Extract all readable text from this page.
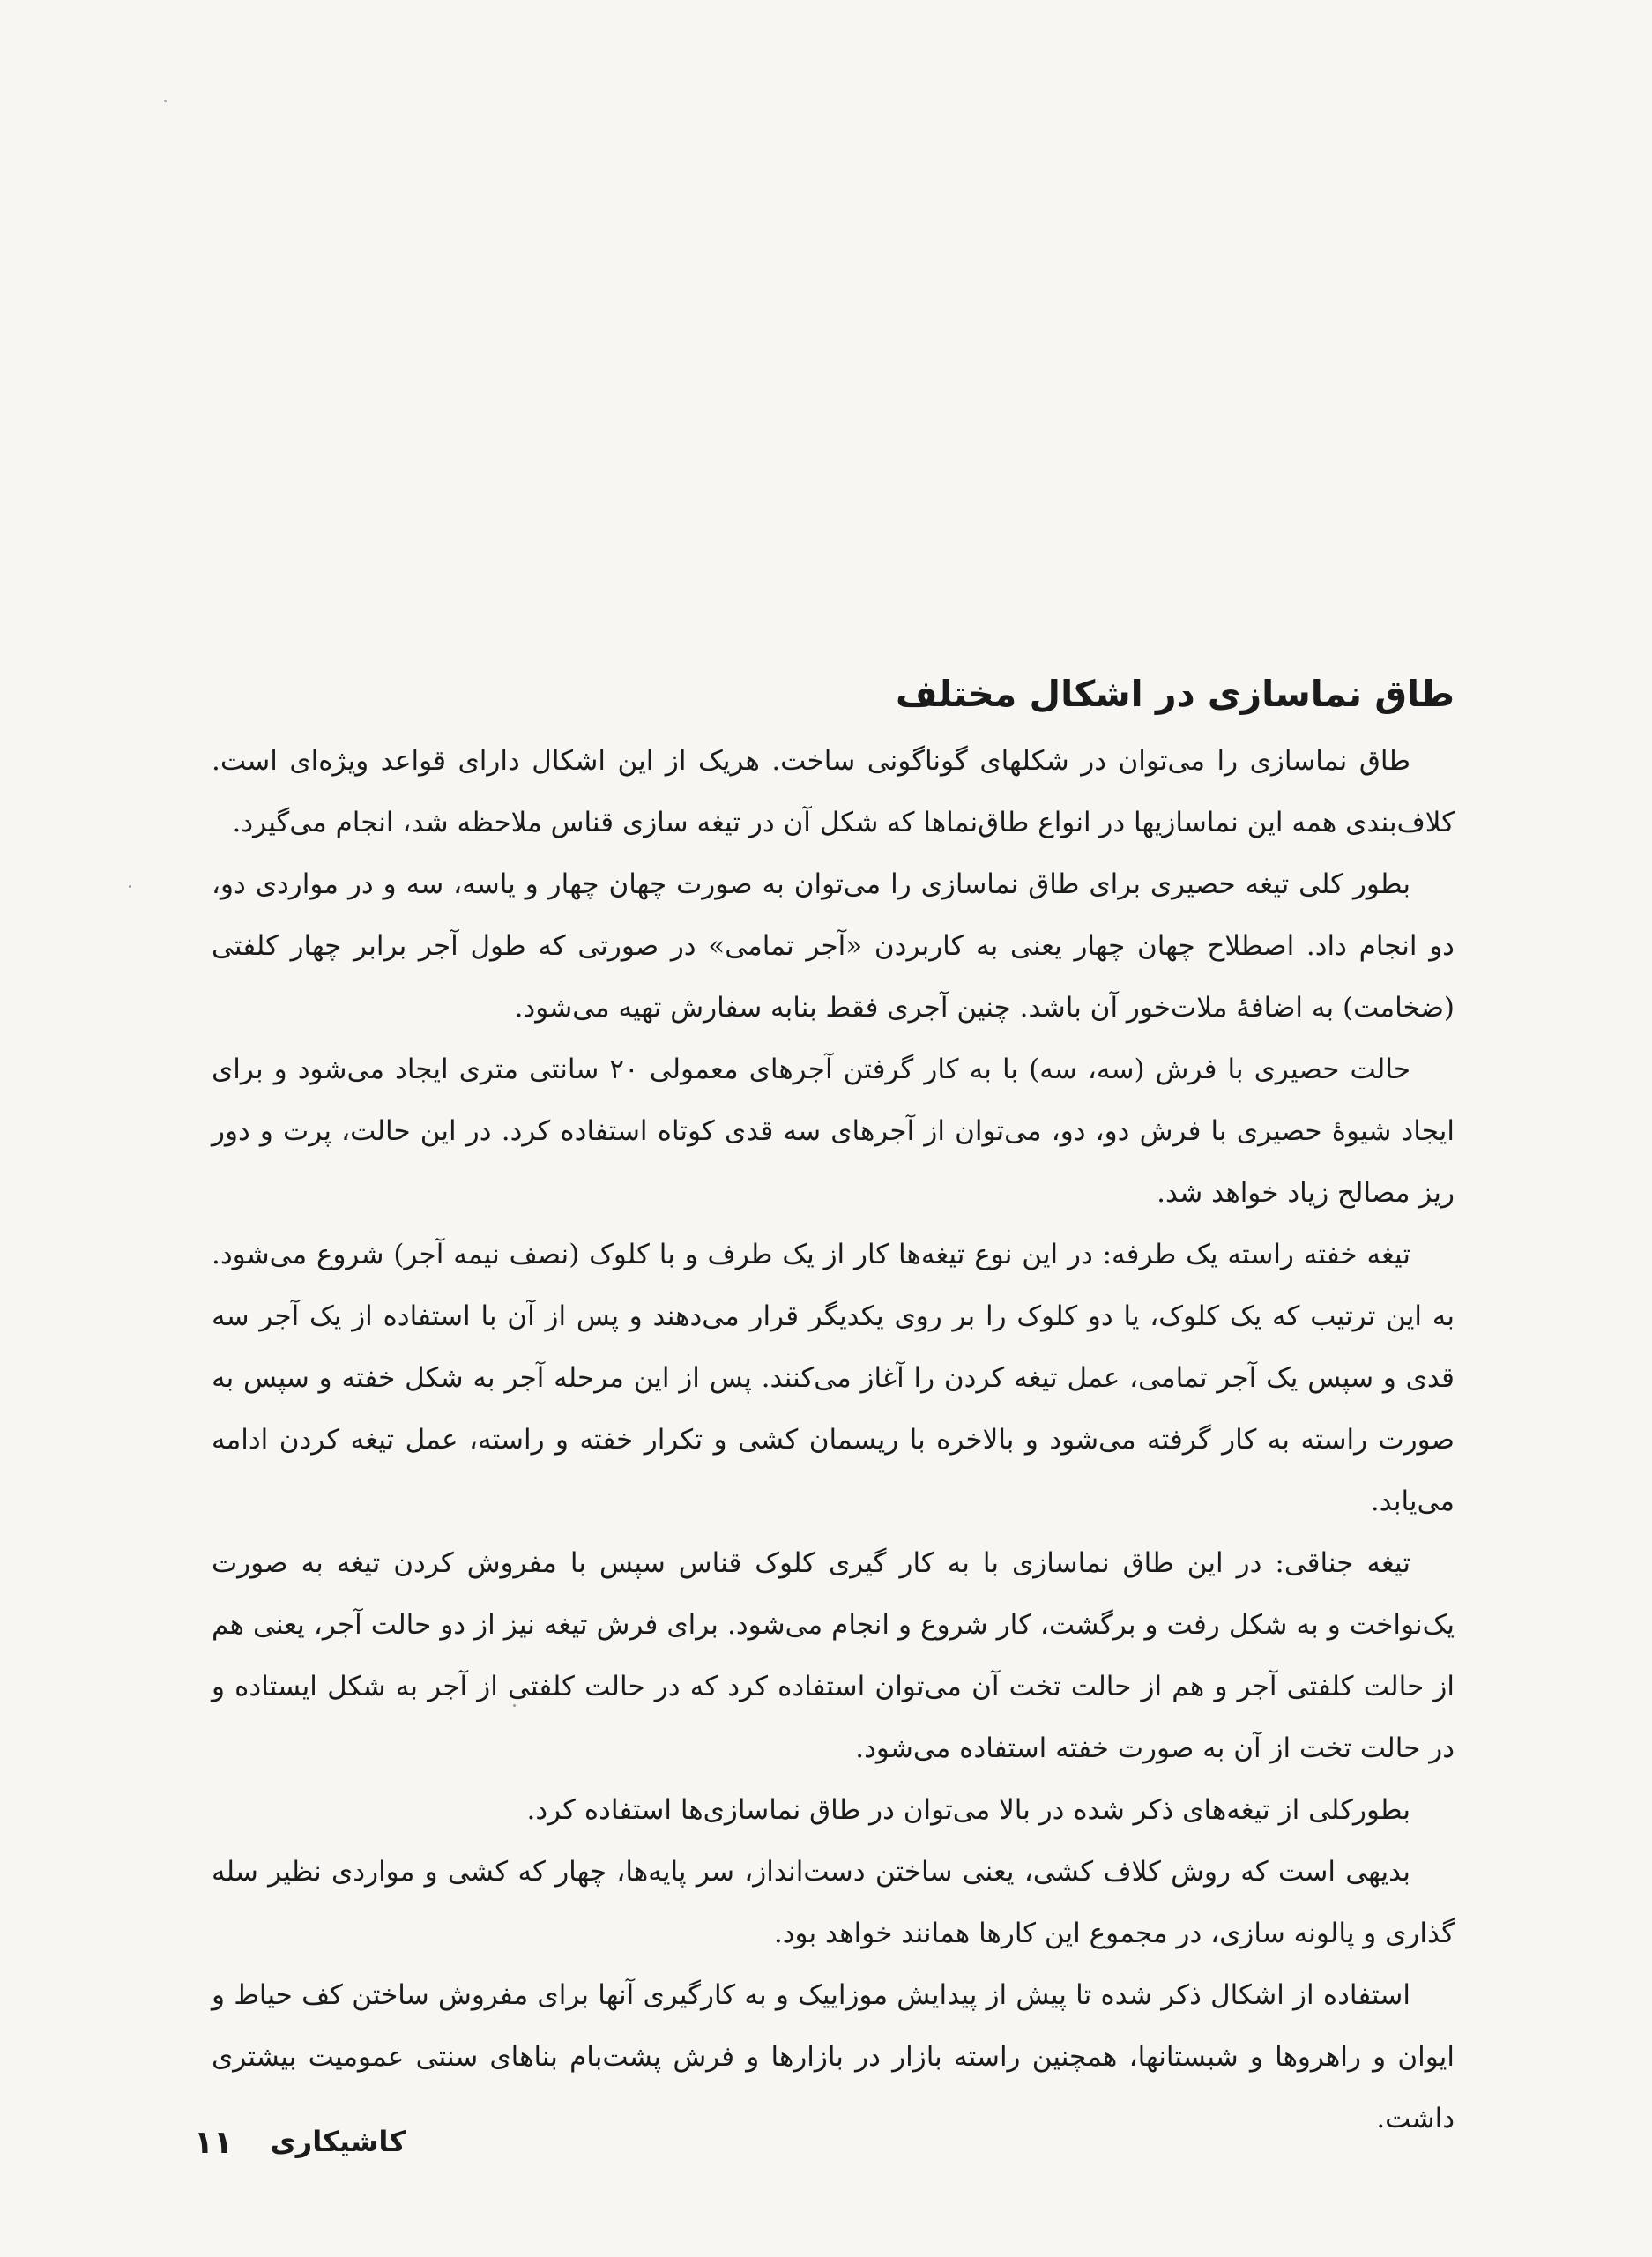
طاق نماسازی در اشکال مختلف

طاق نماسازی را می‌توان در شکلهای گوناگونی ساخت. هریک از این اشکال دارای قواعد ویژه‌ای است. کلاف‌بندی همه این نماسازیها در انواع طاق‌نماها که شکل آن در تیغه سازی قناس ملاحظه شد، انجام می‌گیرد.

بطور کلی تیغه حصیری برای طاق نماسازی را می‌توان به صورت چهان چهار و یاسه، سه و در مواردی دو، دو انجام داد. اصطلاح چهان چهار یعنی به کاربردن «آجر تمامی» در صورتی که طول آجر برابر چهار کلفتی (ضخامت) به اضافهٔ ملات‌خور آن باشد. چنین آجری فقط بنابه سفارش تهیه می‌شود.

حالت حصیری با فرش (سه، سه) با به کار گرفتن آجرهای معمولی ۲۰ سانتی متری ایجاد می‌شود و برای ایجاد شیوهٔ حصیری با فرش دو، دو، می‌توان از آجرهای سه قدی کوتاه استفاده کرد. در این حالت، پرت و دور ریز مصالح زیاد خواهد شد.

تیغه خفته راسته یک طرفه: در این نوع تیغه‌ها کار از یک طرف و با کلوک (نصف نیمه آجر) شروع می‌شود. به این ترتیب که یک کلوک، یا دو کلوک را بر روی یکدیگر قرار می‌دهند و پس از آن با استفاده از یک آجر سه قدی و سپس یک آجر تمامی، عمل تیغه کردن را آغاز می‌کنند. پس از این مرحله آجر به شکل خفته و سپس به صورت راسته به کار گرفته می‌شود و بالاخره با ریسمان کشی و تکرار خفته و راسته، عمل تیغه کردن ادامه می‌یابد.

تیغه جناقی: در این طاق نماسازی با به کار گیری کلوک قناس سپس با مفروش کردن تیغه به صورت یک‌نواخت و به شکل رفت و برگشت، کار شروع و انجام می‌شود. برای فرش تیغه نیز از دو حالت آجر، یعنی هم از حالت کلفتی آجر و هم از حالت تخت آن می‌توان استفاده کرد که در حالت کلفتی از آجر به شکل ایستاده و در حالت تخت از آن به صورت خفته استفاده می‌شود.

بطورکلی از تیغه‌های ذکر شده در بالا می‌توان در طاق نماسازی‌ها استفاده کرد.

بدیهی است که روش کلاف کشی، یعنی ساختن دست‌انداز، سر پایه‌ها، چهار که کشی و مواردی نظیر سله گذاری و پالونه سازی، در مجموع این کارها همانند خواهد بود.

استفاده از اشکال ذکر شده تا پیش از پیدایش موزاییک و به کارگیری آنها برای مفروش ساختن کف حیاط و ایوان و راهروها و شبستانها، همچنین راسته بازار در بازارها و فرش پشت‌بام بناهای سنتی عمومیت بیشتری داشت.

کاشیکاری
۱۱
